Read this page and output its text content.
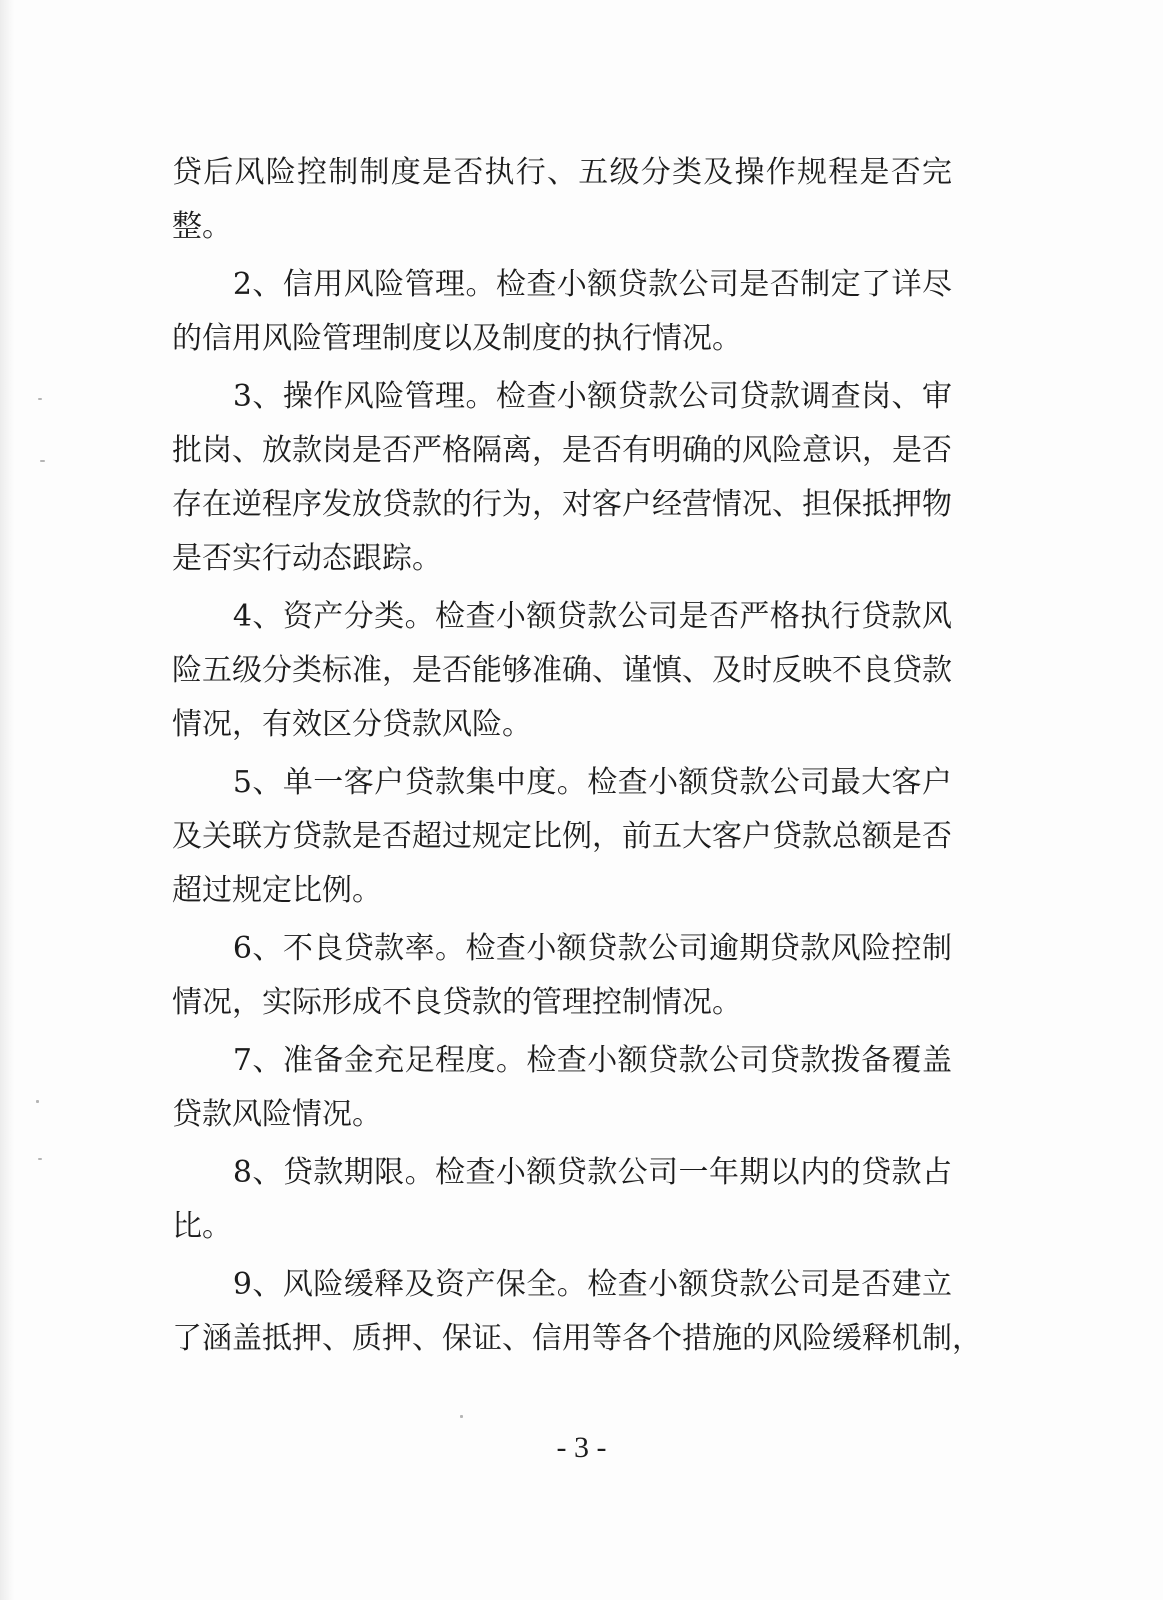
贷后风险控制制度是否执行、五级分类及操作规程是否完
整。
　　2、信用风险管理。检查小额贷款公司是否制定了详尽
的信用风险管理制度以及制度的执行情况。
　　3、操作风险管理。检查小额贷款公司贷款调查岗、审
批岗、放款岗是否严格隔离，是否有明确的风险意识，是否
存在逆程序发放贷款的行为，对客户经营情况、担保抵押物
是否实行动态跟踪。
　　4、资产分类。检查小额贷款公司是否严格执行贷款风
险五级分类标准，是否能够准确、谨慎、及时反映不良贷款
情况，有效区分贷款风险。
　　5、单一客户贷款集中度。检查小额贷款公司最大客户
及关联方贷款是否超过规定比例，前五大客户贷款总额是否
超过规定比例。
　　6、不良贷款率。检查小额贷款公司逾期贷款风险控制
情况，实际形成不良贷款的管理控制情况。
　　7、准备金充足程度。检查小额贷款公司贷款拨备覆盖
贷款风险情况。
　　8、贷款期限。检查小额贷款公司一年期以内的贷款占
比。
　　9、风险缓释及资产保全。检查小额贷款公司是否建立
了涵盖抵押、质押、保证、信用等各个措施的风险缓释机制，
- 3 -
